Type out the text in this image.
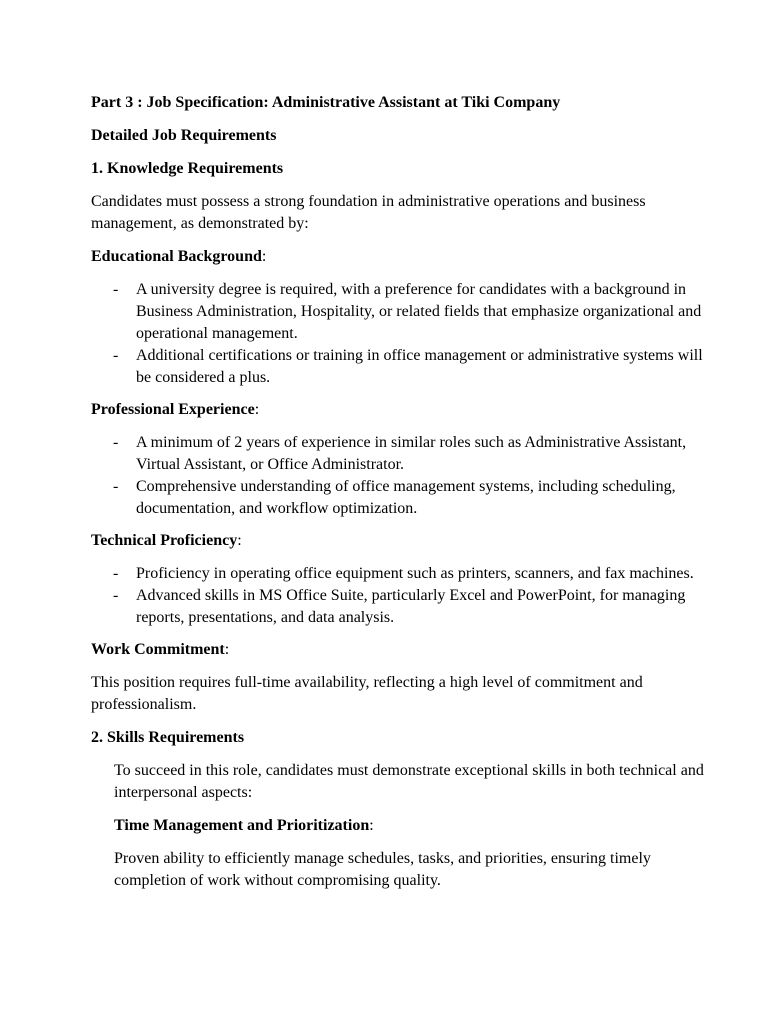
Part 3 : Job Specification: Administrative Assistant at Tiki Company

Detailed Job Requirements

1. Knowledge Requirements

Candidates must possess a strong foundation in administrative operations and business management, as demonstrated by:

Educational Background:

- A university degree is required, with a preference for candidates with a background in Business Administration, Hospitality, or related fields that emphasize organizational and operational management.
- Additional certifications or training in office management or administrative systems will be considered a plus.

Professional Experience:

- A minimum of 2 years of experience in similar roles such as Administrative Assistant, Virtual Assistant, or Office Administrator.
- Comprehensive understanding of office management systems, including scheduling, documentation, and workflow optimization.

Technical Proficiency:

- Proficiency in operating office equipment such as printers, scanners, and fax machines.
- Advanced skills in MS Office Suite, particularly Excel and PowerPoint, for managing reports, presentations, and data analysis.

Work Commitment:

This position requires full-time availability, reflecting a high level of commitment and professionalism.

2. Skills Requirements

To succeed in this role, candidates must demonstrate exceptional skills in both technical and interpersonal aspects:

Time Management and Prioritization:

Proven ability to efficiently manage schedules, tasks, and priorities, ensuring timely completion of work without compromising quality.
